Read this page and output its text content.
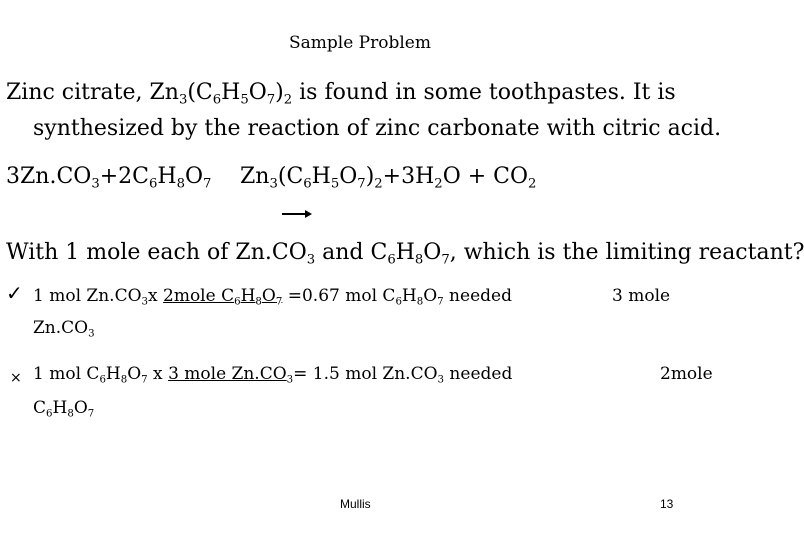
Sample Problem
Zinc citrate, $Zn_3(C_6H_5O_7)_2$ is found in some toothpastes. It is
synthesized by the reaction of zinc carbonate with citric acid.
$3Zn.CO_3+2C_6H_8O_7$ $Zn_3(C_6H_5O_7)_2+3H_2O + CO_2$
With 1 mole each of $Zn.CO_3$ and $C_6H_8O_7$, which is the limiting reactant?
✓ 1 mol $Zn.CO_3x$ 2mole $C_6H_8O_7 =0.67$ mol $C_6H_8O_7$ needed	3 mole
$Zn.CO_3$
× 1 mol $C_6H_8O_7$ x 3 mole $Zn.CO_3= 1.5$ mol $Zn.CO_3$ needed	2mole
$C_6H_8O_7$
Mullis	13
